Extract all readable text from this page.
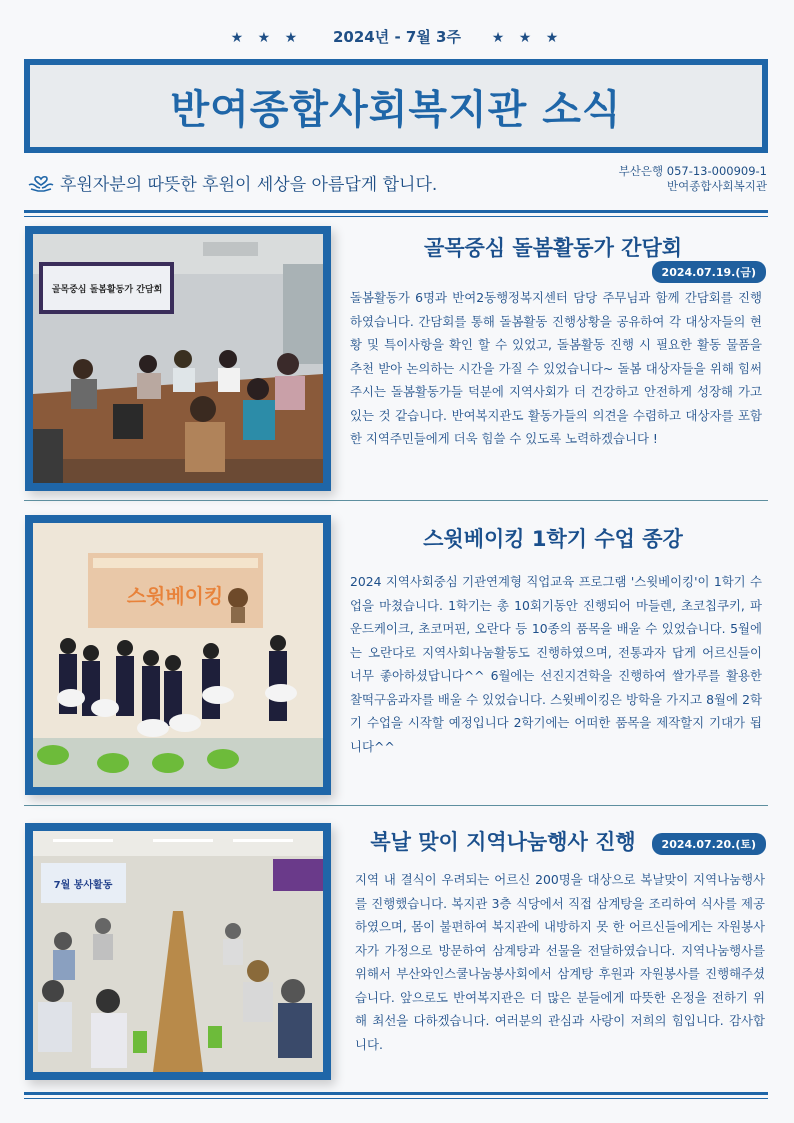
★ ★ ★ 2024년 - 7월 3주 ★ ★ ★
반여종합사회복지관 소식
후원자분의 따뜻한 후원이 세상을 아름답게 합니다.
부산은행 057-13-000909-1
반여종합사회복지관
골목중심 돌봄활동가 간담회
골목중심 돌봄활동가 간담회
2024.07.19.(금)
돌봄활동가 6명과 반여2동행정복지센터 담당 주무님과 함께 간담회를 진행하였습니다. 간담회를 통해 돌봄활동 진행상황을 공유하여 각 대상자들의 현황 및 특이사항을 확인 할 수 있었고, 돌봄활동 진행 시 필요한 활동 물품을 추천 받아 논의하는 시간을 가질 수 있었습니다~ 돌봄 대상자들을 위해 힘써주시는 돌봄활동가들 덕분에 지역사회가 더 건강하고 안전하게 성장해 가고 있는 것 같습니다. 반여복지관도 활동가들의 의견을 수렴하고 대상자를 포함한 지역주민들에게 더욱 힘쓸 수 있도록 노력하겠습니다 !
스윗베이킹
스윗베이킹 1학기 수업 종강
2024 지역사회중심 기관연계형 직업교육 프로그램 '스윗베이킹'이 1학기 수업을 마쳤습니다. 1학기는 총 10회기동안 진행되어 마들렌, 초코칩쿠키, 파운드케이크, 초코머핀, 오란다 등 10종의 품목을 배울 수 있었습니다. 5월에는 오란다로 지역사회나눔활동도 진행하였으며, 전통과자 답게 어르신들이 너무 좋아하셨답니다^^ 6월에는 선진지견학을 진행하여 쌀가루를 활용한 찰떡구움과자를 배울 수 있었습니다. 스윗베이킹은 방학을 가지고 8월에 2학기 수업을 시작할 예정입니다 2학기에는 어떠한 품목을 제작할지 기대가 됩니다^^
7월 봉사활동
복날 맞이 지역나눔행사 진행	2024.07.20.(토)
지역 내 결식이 우려되는 어르신 200명을 대상으로 복날맞이 지역나눔행사를 진행했습니다. 복지관 3층 식당에서 직접 삼계탕을 조리하여 식사를 제공하였으며, 몸이 불편하여 복지관에 내방하지 못 한 어르신들에게는 자원봉사자가 가정으로 방문하여 삼계탕과 선물을 전달하였습니다. 지역나눔행사를 위해서 부산와인스쿨나눔봉사회에서 삼계탕 후원과 자원봉사를 진행해주셨습니다. 앞으로도 반여복지관은 더 많은 분들에게 따뜻한 온정을 전하기 위해 최선을 다하겠습니다. 여러분의 관심과 사랑이 저희의 힘입니다. 감사합니다.
